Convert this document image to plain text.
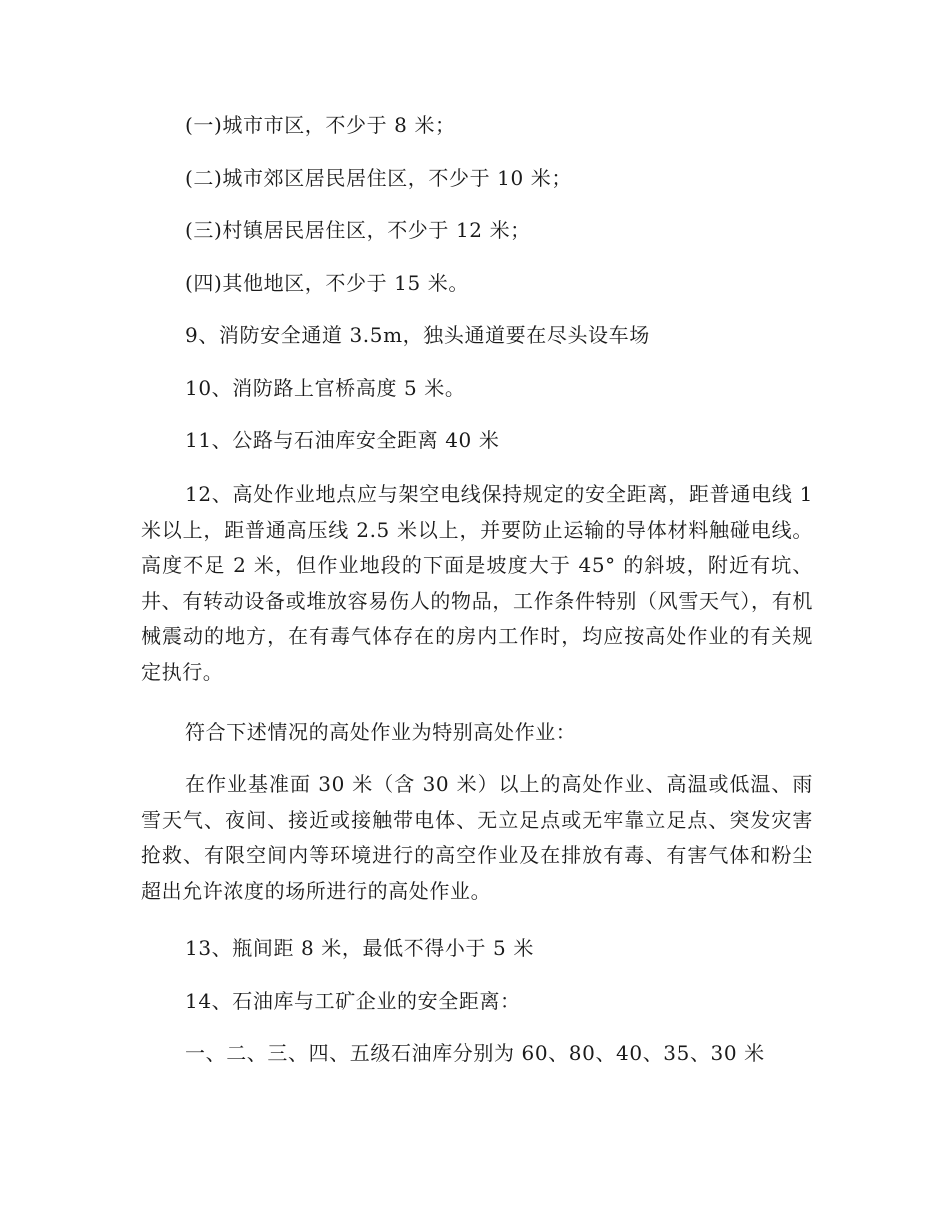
(一)城市市区，不少于 8 米；

(二)城市郊区居民居住区，不少于 10 米；

(三)村镇居民居住区，不少于 12 米；

(四)其他地区，不少于 15 米。

9、消防安全通道 3.5m，独头通道要在尽头设车场

10、消防路上官桥高度 5 米。

11、公路与石油库安全距离 40 米

12、高处作业地点应与架空电线保持规定的安全距离，距普通电线 1 米以上，距普通高压线 2.5 米以上，并要防止运输的导体材料触碰电线。高度不足 2 米，但作业地段的下面是坡度大于 45° 的斜坡，附近有坑、井、有转动设备或堆放容易伤人的物品，工作条件特别（风雪天气），有机械震动的地方，在有毒气体存在的房内工作时，均应按高处作业的有关规定执行。

符合下述情况的高处作业为特别高处作业：

在作业基准面 30 米（含 30 米）以上的高处作业、高温或低温、雨雪天气、夜间、接近或接触带电体、无立足点或无牢靠立足点、突发灾害抢救、有限空间内等环境进行的高空作业及在排放有毒、有害气体和粉尘超出允许浓度的场所进行的高处作业。

13、瓶间距 8 米，最低不得小于 5 米

14、石油库与工矿企业的安全距离：

一、二、三、四、五级石油库分别为 60、80、40、35、30 米
